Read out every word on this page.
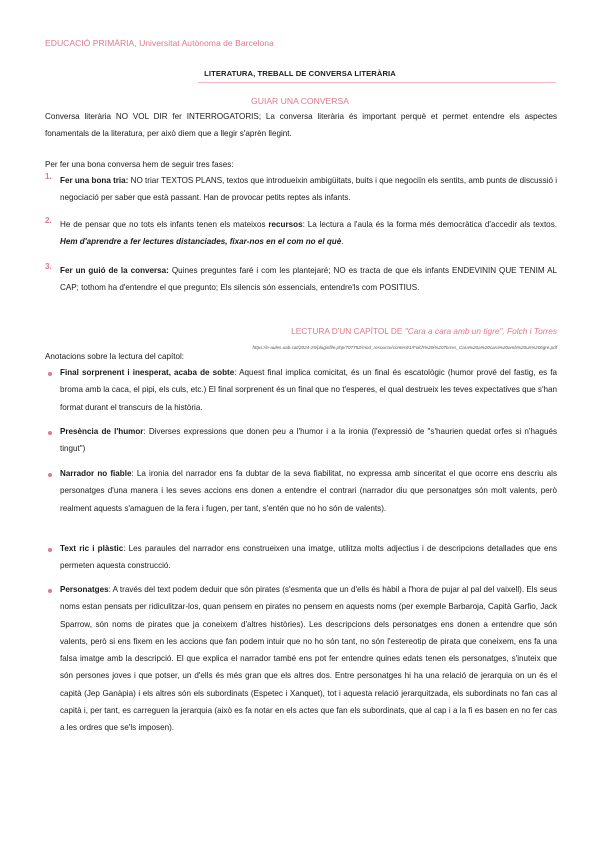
EDUCACIÓ PRIMÀRIA, Universitat Autònoma de Barcelona
LITERATURA, TREBALL DE CONVERSA LITERÀRIA
GUIAR UNA CONVERSA
Conversa literària NO VOL DIR fer INTERROGATORIS; La conversa literària és important perquè et permet entendre els aspectes fonamentals de la literatura, per això diem que a llegir s'aprèn llegint.
Per fer una bona conversa hem de seguir tres fases:
1. Fer una bona tria: NO triar TEXTOS PLANS, textos que introdueixin ambigüitats, buits i que negociïn els sentits, amb punts de discussió i negociació per saber que està passant. Han de provocar petits reptes als infants.
2. He de pensar que no tots els infants tenen els mateixos recursos: La lectura a l'aula és la forma més democràtica d'accedir als textos. Hem d'aprendre a fer lectures distanciades, fixar-nos en el com no el què.
3. Fer un guió de la conversa: Quines preguntes faré i com les plantejaré; NO es tracta de que els infants ENDEVININ QUE TENIM AL CAP; tothom ha d'entendre el que pregunto; Els silencis són essencials, entendre'ls com POSITIUS.
LECTURA D'UN CAPÍTOL DE "Cara a cara amb un tigre", Folch i Torres
https://e-aules.uab.cat/2024-25/pluginfile.php/707752/mod_resource/content/1/Folch%20i%20Torres_Cara%20a%20cara%20amb%20un%20tigre.pdf
Anotacions sobre la lectura del capítol:
Final sorprenent i inesperat, acaba de sobte: Aquest final implica comicitat, és un final és escatològic (humor prové del fastig, es fa broma amb la caca, el pipi, els culs, etc.) El final sorprenent és un final que no t'esperes, el qual destrueix les teves expectatives que s'han format durant el transcurs de la història.
Presència de l'humor: Diverses expressions que donen peu a l'humor i a la ironia (l'expressió de "s'haurien quedat orfes si n'hagués tingut")
Narrador no fiable: La ironia del narrador ens fa dubtar de la seva fiabilitat, no expressa amb sinceritat el que ocorre ens descriu als personatges d'una manera i les seves accions ens donen a entendre el contrari (narrador diu que personatges són molt valents, però realment aquests s'amaguen de la fera i fugen, per tant, s'entén que no ho són de valents).
Text ric i plàstic: Les paraules del narrador ens construeixen una imatge, utilitza molts adjectius i de descripcions detallades que ens permeten aquesta construcció.
Personatges: A través del text podem deduir que són pirates (s'esmenta que un d'ells és hàbil a l'hora de pujar al pal del vaixell). Els seus noms estan pensats per ridiculitzar-los, quan pensem en pirates no pensem en aquests noms (per exemple Barbaroja, Capità Garfio, Jack Sparrow, són noms de pirates que ja coneixem d'altres històries). Les descripcions dels personatges ens donen a entendre que són valents, però si ens fixem en les accions que fan podem intuir que no ho són tant, no són l'estereotip de pirata que coneixem, ens fa una falsa imatge amb la descripció. El que explica el narrador també ens pot fer entendre quines edats tenen els personatges, s'inuteix que són persones joves i que potser, un d'ells és més gran que els altres dos. Entre personatges hi ha una relació de jerarquia on un és el capità (Jep Ganàpia) i els altres són els subordinats (Espetec i Xanquet), tot i aquesta relació jerarquitzada, els subordinats no fan cas al capità i, per tant, es carreguen la jerarquia (això es fa notar en els actes que fan els subordinats, que al cap i a la fi es basen en no fer cas a les ordres que se'ls imposen).
